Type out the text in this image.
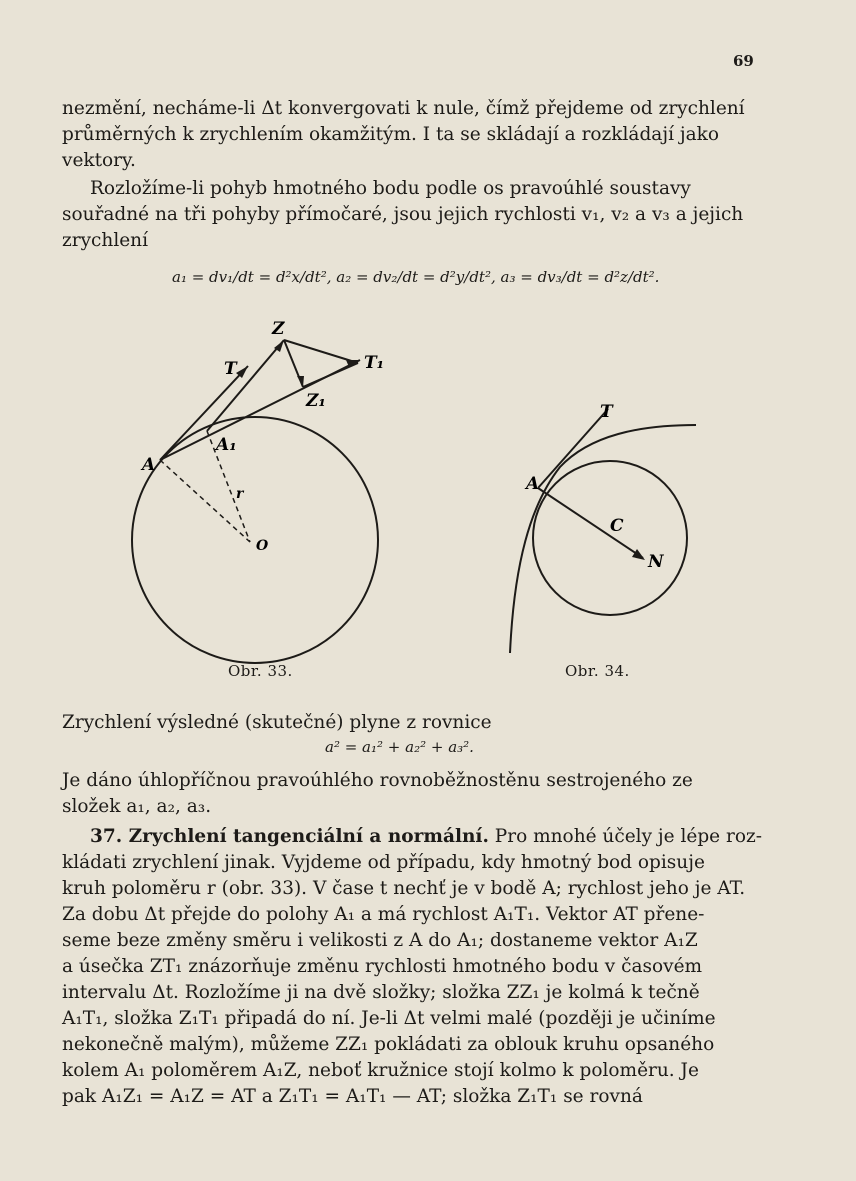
69
nezmění, necháme-li Δt konvergovati k nule, čímž přejdeme od zrychlení
průměrných k zrychlením okamžitým. I ta se skládají a rozkládají jako
vektory.
Rozložíme-li pohyb hmotného bodu podle os pravoúhlé soustavy
souřadné na tři pohyby přímočaré, jsou jejich rychlosti v₁, v₂ a v₃ a jejich
zrychlení
a₁ = dv₁/dt = d²x/dt², a₂ = dv₂/dt = d²y/dt², a₃ = dv₃/dt = d²z/dt².
Z
T	T₁
Z₁
A
A₁
r
O
Obr. 33.
T
A
C
N
Obr. 34.
Zrychlení výsledné (skutečné) plyne z rovnice
a² = a₁² + a₂² + a₃².
Je dáno úhlopříčnou pravoúhlého rovnoběžnostěnu sestrojeného ze
složek a₁, a₂, a₃.
37. Zrychlení tangenciální a normální. Pro mnohé účely je lépe roz-
kládati zrychlení jinak. Vyjdeme od případu, kdy hmotný bod opisuje
kruh poloměru r (obr. 33). V čase t nechť je v bodě A; rychlost jeho je AT.
Za dobu Δt přejde do polohy A₁ a má rychlost A₁T₁. Vektor AT přene-
seme beze změny směru i velikosti z A do A₁; dostaneme vektor A₁Z
a úsečka ZT₁ znázorňuje změnu rychlosti hmotného bodu v časovém
intervalu Δt. Rozložíme ji na dvě složky; složka ZZ₁ je kolmá k tečně
A₁T₁, složka Z₁T₁ připadá do ní. Je-li Δt velmi malé (později je učiníme
nekonečně malým), můžeme ZZ₁ pokládati za oblouk kruhu opsaného
kolem A₁ poloměrem A₁Z, neboť kružnice stojí kolmo k poloměru. Je
pak A₁Z₁ = A₁Z = AT a Z₁T₁ = A₁T₁ — AT; složka Z₁T₁ se rovná
